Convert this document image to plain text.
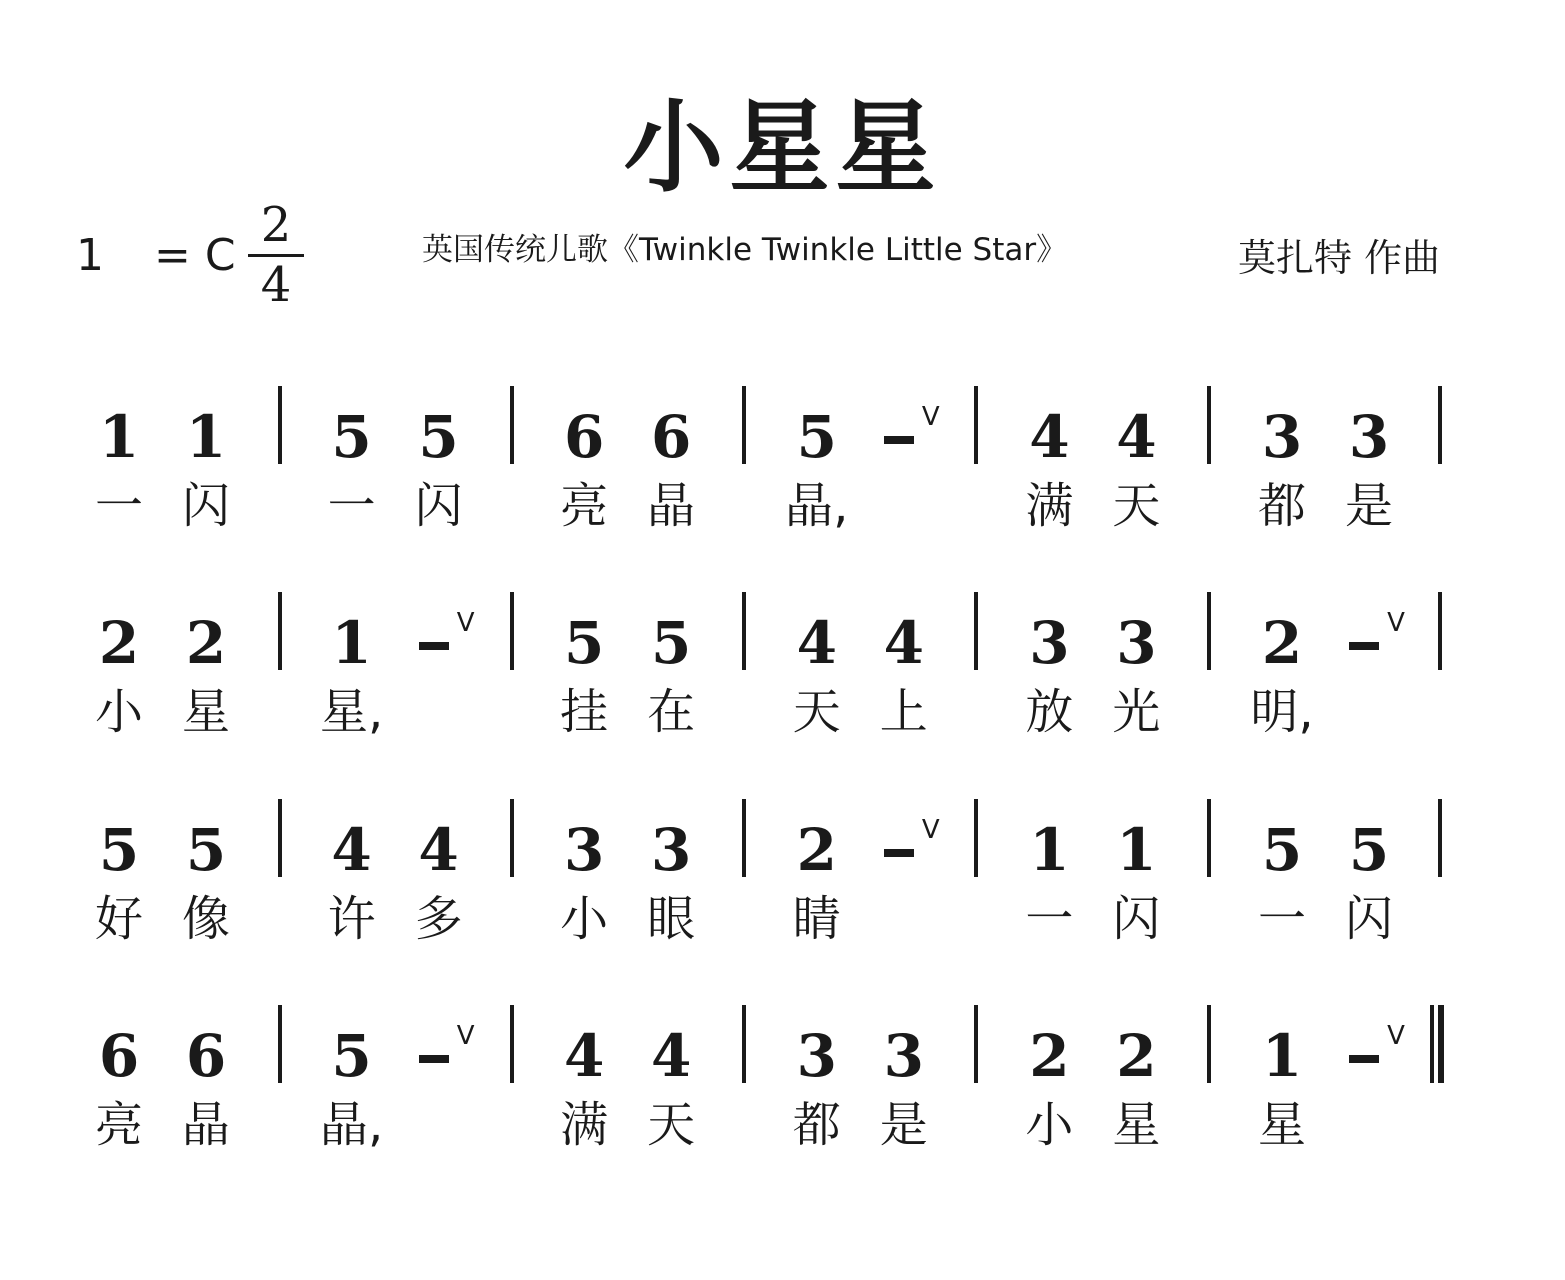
小星星
1 = C
2
4
英国传统儿歌《Twinkle Twinkle Little Star》	莫扎特 作曲
1
一
1
闪
5
一
5
闪
6
亮
6
晶
5
晶,
V 4
满
4
天
3
都
3
是
2
小
2
星
1
星,
V 5
挂
5
在
4
天
4
上
3
放
3
光
2
明,
V
5
好
5
像
4
许
4
多
3
小
3
眼
2
睛
V 1
一
1
闪
5
一
5
闪
6
亮
6
晶
5
晶,
V 4
满
4
天
3
都
3
是
2
小
2
星
1
星
V
